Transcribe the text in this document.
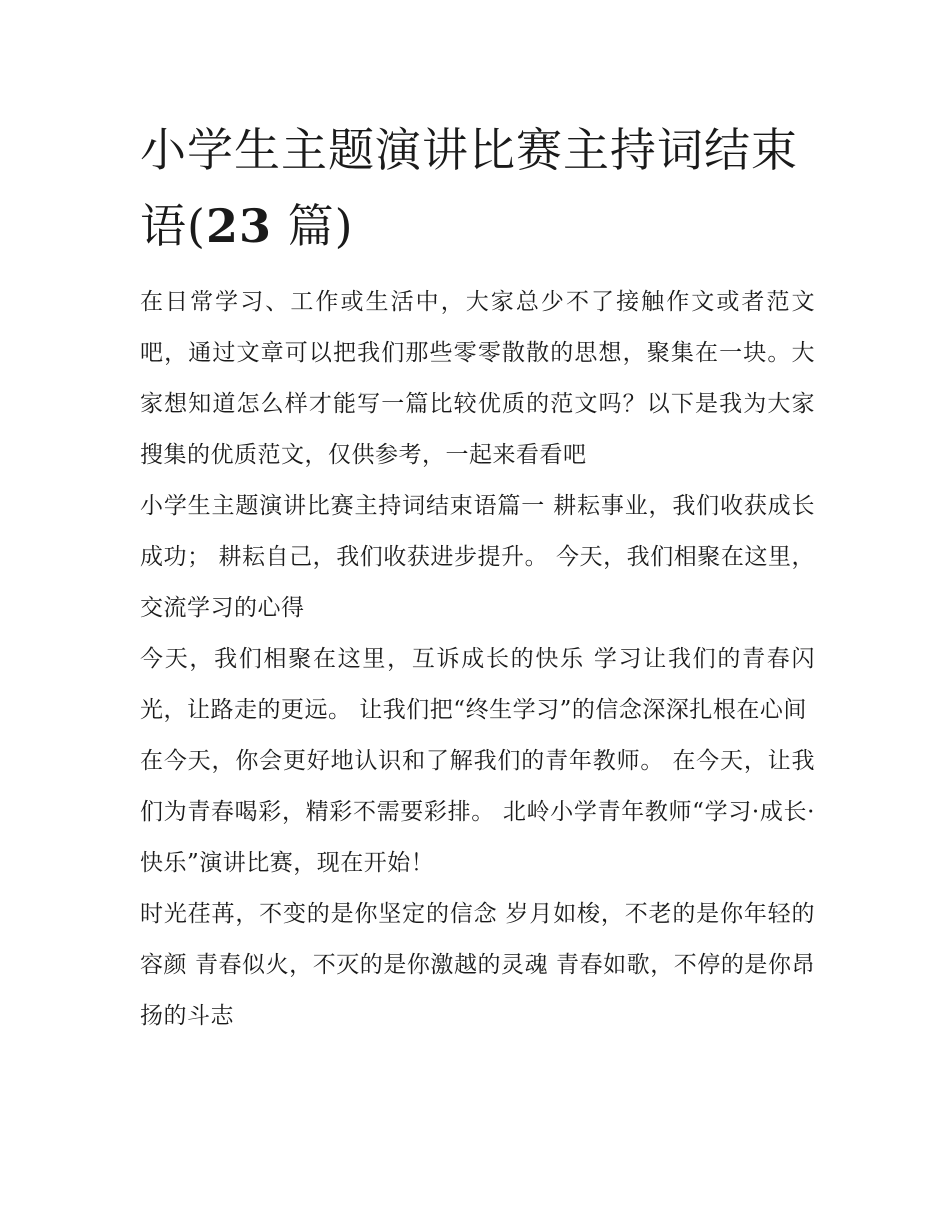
小学生主题演讲比赛主持词结束语(23 篇)

在日常学习、工作或生活中，大家总少不了接触作文或者范文吧，通过文章可以把我们那些零零散散的思想，聚集在一块。大家想知道怎么样才能写一篇比较优质的范文吗？以下是我为大家搜集的优质范文，仅供参考，一起来看看吧

小学生主题演讲比赛主持词结束语篇一 耕耘事业，我们收获成长成功； 耕耘自己，我们收获进步提升。 今天，我们相聚在这里，交流学习的心得

今天，我们相聚在这里，互诉成长的快乐 学习让我们的青春闪光，让路走的更远。 让我们把“终生学习”的信念深深扎根在心间

在今天，你会更好地认识和了解我们的青年教师。 在今天，让我们为青春喝彩，精彩不需要彩排。 北岭小学青年教师“学习·成长·快乐”演讲比赛，现在开始！

时光荏苒，不变的是你坚定的信念 岁月如梭，不老的是你年轻的容颜 青春似火，不灭的是你激越的灵魂 青春如歌，不停的是你昂扬的斗志
